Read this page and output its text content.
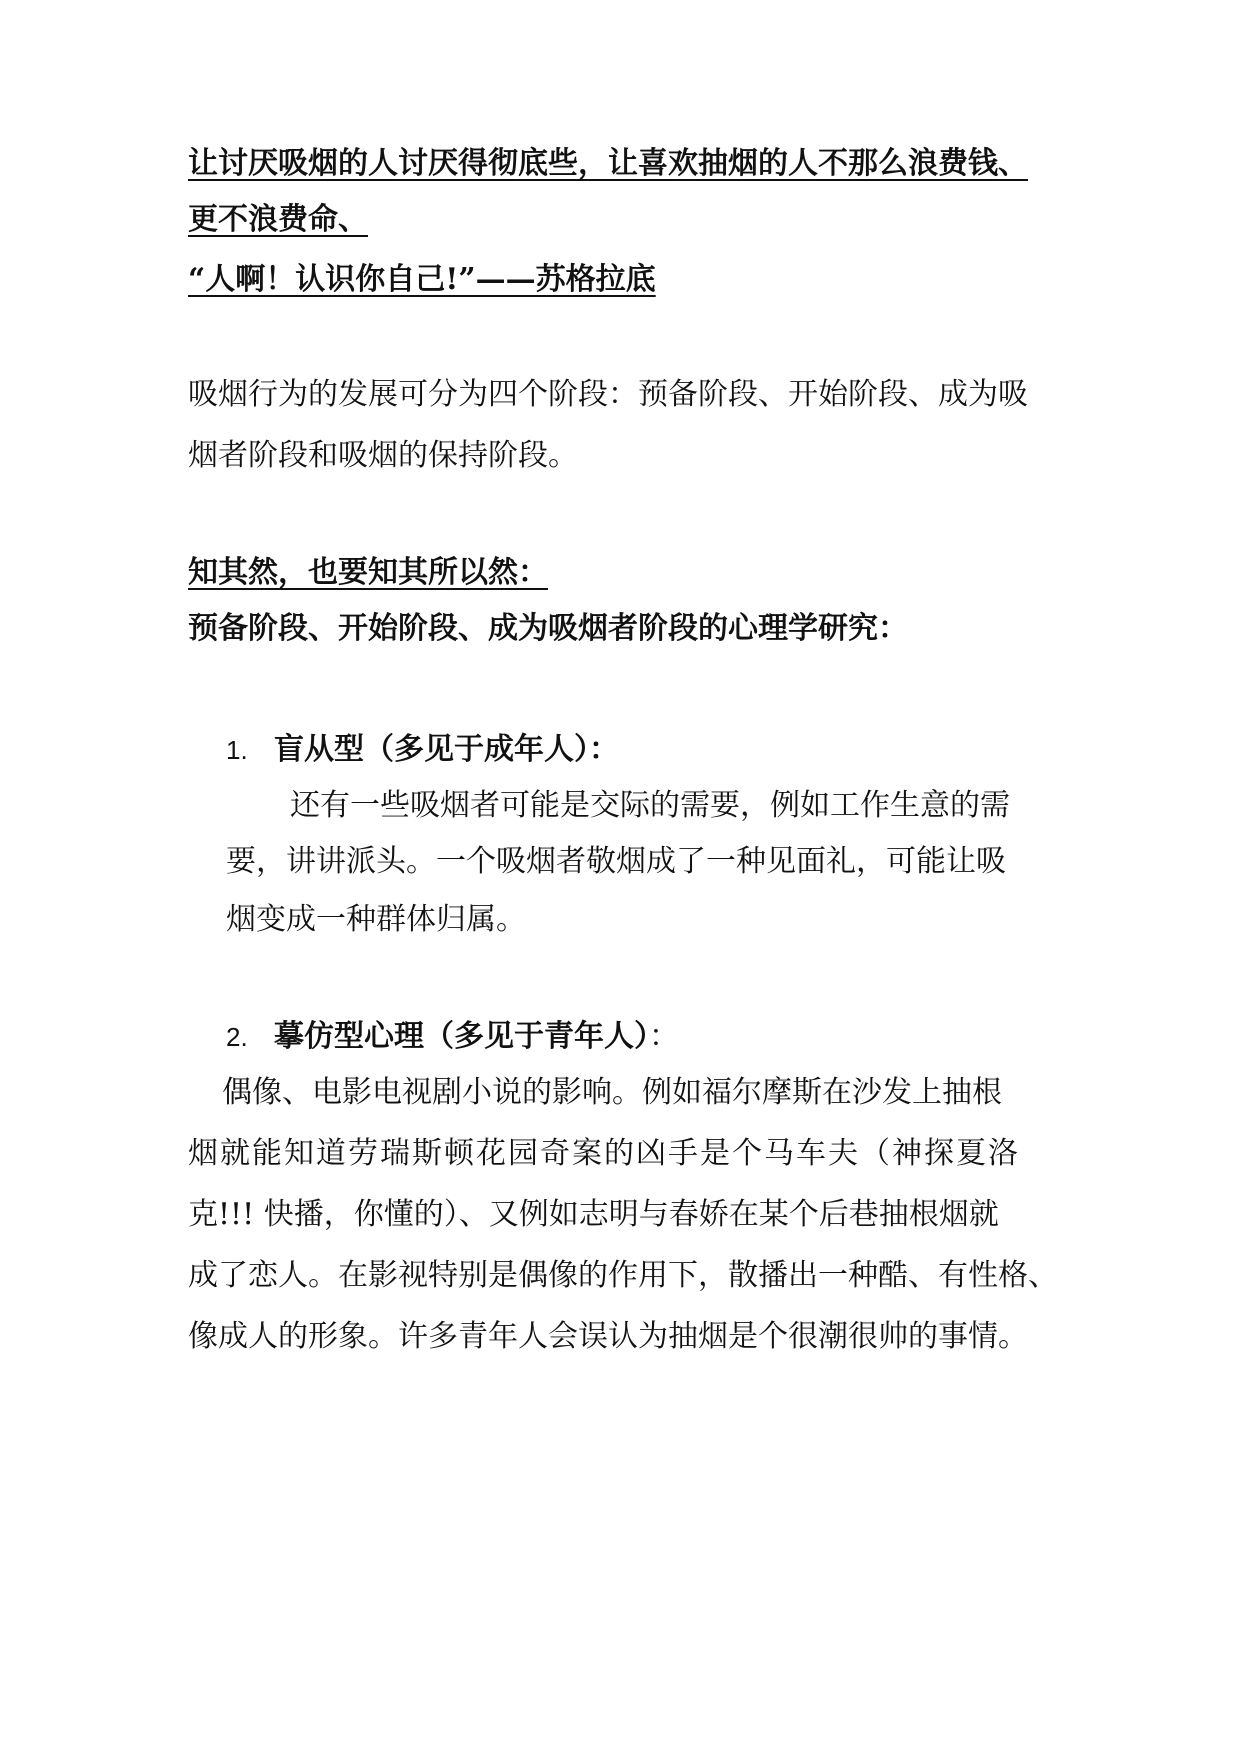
让讨厌吸烟的人讨厌得彻底些，让喜欢抽烟的人不那么浪费钱、
更不浪费命、
“人啊！认识你自己!”——苏格拉底
吸烟行为的发展可分为四个阶段：预备阶段、开始阶段、成为吸
烟者阶段和吸烟的保持阶段。
知其然，也要知其所以然：
预备阶段、开始阶段、成为吸烟者阶段的心理学研究：
1. 盲从型（多见于成年人）：
还有一些吸烟者可能是交际的需要，例如工作生意的需
要，讲讲派头。一个吸烟者敬烟成了一种见面礼，可能让吸
烟变成一种群体归属。
2. 摹仿型心理（多见于青年人）：
偶像、电影电视剧小说的影响。例如福尔摩斯在沙发上抽根
烟就能知道劳瑞斯顿花园奇案的凶手是个马车夫（神探夏洛
克!!! 快播，你懂的）、又例如志明与春娇在某个后巷抽根烟就
成了恋人。在影视特别是偶像的作用下，散播出一种酷、有性格、
像成人的形象。许多青年人会误认为抽烟是个很潮很帅的事情。
